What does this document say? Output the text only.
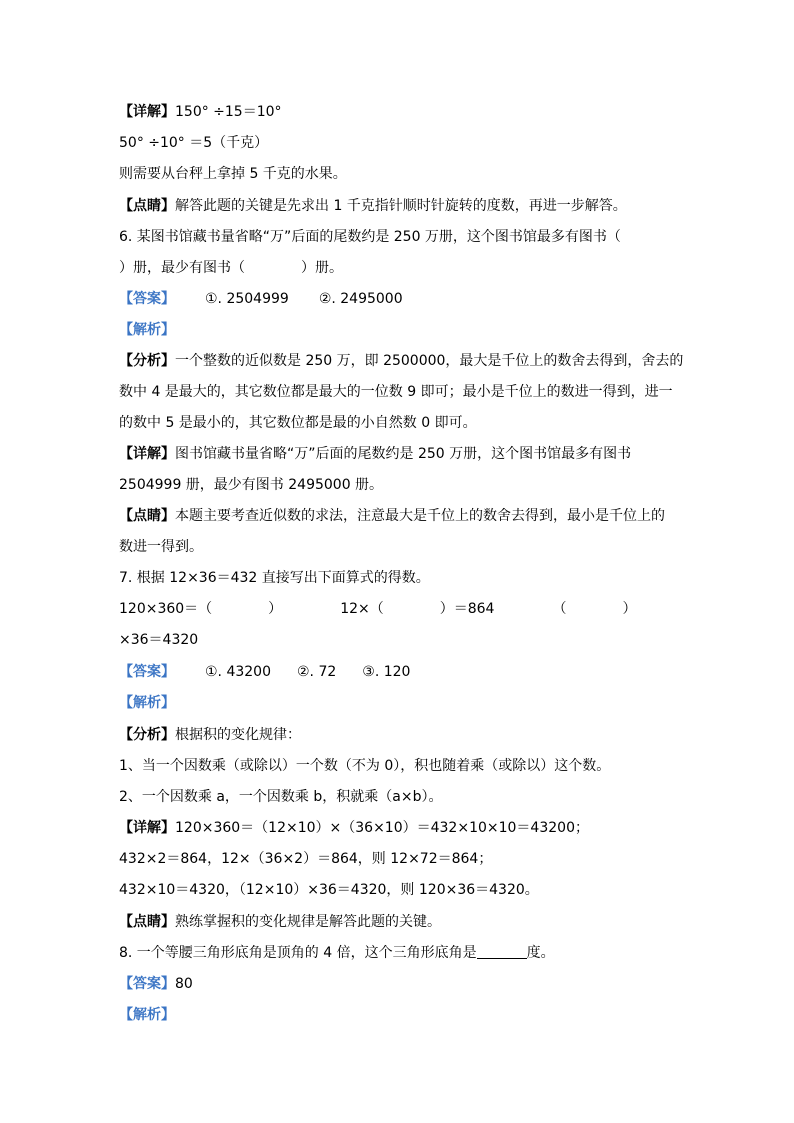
【详解】150° ÷15＝10°
50° ÷10° ＝5（千克）
则需要从台秤上拿掉 5 千克的水果。
【点睛】解答此题的关键是先求出 1 千克指针顺时针旋转的度数，再进一步解答。
6. 某图书馆藏书量省略“万”后面的尾数约是 250 万册，这个图书馆最多有图书（
）册，最少有图书（　　　　）册。
【答案】 ①. 2504999 ②. 2495000
【解析】
【分析】一个整数的近似数是 250 万，即 2500000，最大是千位上的数舍去得到，舍去的
数中 4 是最大的，其它数位都是最大的一位数 9 即可；最小是千位上的数进一得到，进一
的数中 5 是最小的，其它数位都是最的小自然数 0 即可。
【详解】图书馆藏书量省略“万”后面的尾数约是 250 万册，这个图书馆最多有图书
2504999 册，最少有图书 2495000 册。
【点睛】本题主要考查近似数的求法，注意最大是千位上的数舍去得到，最小是千位上的
数进一得到。
7. 根据 12×36＝432 直接写出下面算式的得数。
120×360＝（　　　　）	12×（　　　　）＝864	（　　　　）
×36＝4320
【答案】 ①. 43200 ②. 72 ③. 120
【解析】
【分析】根据积的变化规律：
1、当一个因数乘（或除以）一个数（不为 0），积也随着乘（或除以）这个数。
2、一个因数乘 a，一个因数乘 b，积就乘（a×b）。
【详解】120×360＝（12×10）×（36×10）＝432×10×10＝43200；
432×2＝864，12×（36×2）＝864，则 12×72＝864；
432×10＝4320，（12×10）×36＝4320，则 120×36＝4320。
【点睛】熟练掌握积的变化规律是解答此题的关键。
8. 一个等腰三角形底角是顶角的 4 倍，这个三角形底角是	度。
【答案】80
【解析】
